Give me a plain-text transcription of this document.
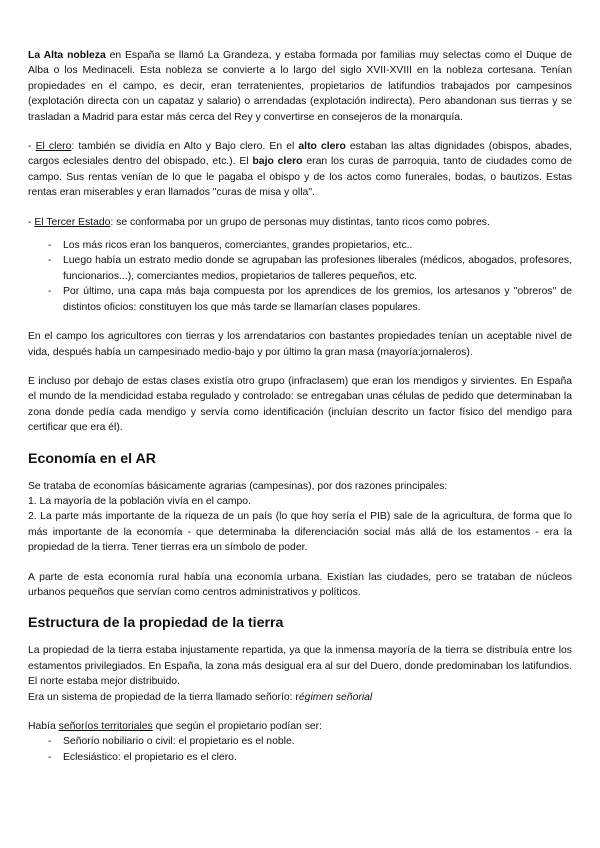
La Alta nobleza en España se llamó La Grandeza, y estaba formada por familias muy selectas como el Duque de Alba o los Medinaceli. Esta nobleza se convierte a lo largo del siglo XVII-XVIII en la nobleza cortesana. Tenían propiedades en el campo, es decir, eran terratenientes, propietarios de latifundios trabajados por campesinos (explotación directa con un capataz y salario) o arrendadas (explotación indirecta). Pero abandonan sus tierras y se trasladan a Madrid para estar más cerca del Rey y convertirse en consejeros de la monarquía.

- El clero: también se dividía en Alto y Bajo clero. En el alto clero estaban las altas dignidades (obispos, abades, cargos eclesiales dentro del obispado, etc.). El bajo clero eran los curas de parroquia, tanto de ciudades como de campo. Sus rentas venían de lo que le pagaba el obispo y de los actos como funerales, bodas, o bautizos. Estas rentas eran miserables y eran llamados "curas de misa y olla".

- El Tercer Estado: se conformaba por un grupo de personas muy distintas, tanto ricos como pobres.

- Los más ricos eran los banqueros, comerciantes, grandes propietarios, etc..
- Luego había un estrato medio donde se agrupaban las profesiones liberales (médicos, abogados, profesores, funcionarios...), comerciantes medios, propietarios de talleres pequeños, etc.
- Por último, una capa más baja compuesta por los aprendices de los gremios, los artesanos y "obreros" de distintos oficios: constituyen los que más tarde se llamarían clases populares.

En el campo los agricultores con tierras y los arrendatarios con bastantes propiedades tenían un aceptable nivel de vida, después había un campesinado medio-bajo y por último la gran masa (mayoría:jornaleros).

E incluso por debajo de estas clases existía otro grupo (infraclasem) que eran los mendigos y sirvientes. En España el mundo de la mendicidad estaba regulado y controlado: se entregaban unas células de pedido que determinaban la zona donde pedía cada mendigo y servía como identificación (incluían descrito un factor físico del mendigo para certificar que era él).

Economía en el AR

Se trataba de economías básicamente agrarias (campesinas), por dos razones principales:

1. La mayoría de la población vivía en el campo.

2. La parte más importante de la riqueza de un país (lo que hoy sería el PIB) sale de la agricultura, de forma que lo más importante de la economía - que determinaba la diferenciación social más allá de los estamentos - era la propiedad de la tierra. Tener tierras era un símbolo de poder.

A parte de esta economía rural había una economía urbana. Existían las ciudades, pero se trataban de núcleos urbanos pequeños que servían como centros administrativos y políticos.

Estructura de la propiedad de la tierra

La propiedad de la tierra estaba injustamente repartida, ya que la inmensa mayoría de la tierra se distribuía entre los estamentos privilegiados. En España, la zona más desigual era al sur del Duero, donde predominaban los latifundios. El norte estaba mejor distribuido.

Era un sistema de propiedad de la tierra llamado señorío: régimen señorial

Había señoríos territoriales que según el propietario podían ser:

- Señorío nobiliario o civil: el propietario es el noble.
- Eclesiástico: el propietario es el clero.
